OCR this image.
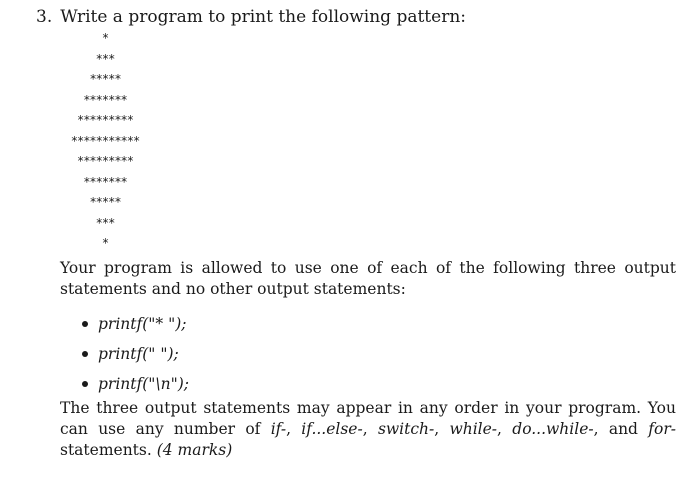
3. Write a program to print the following pattern:
*
***
*****
*******
*********
***********
*********
*******
*****
***
*

Your program is allowed to use one of each of the following three output statements and no other output statements:

printf("* ");
printf(" ");
printf("\n");

The three output statements may appear in any order in your program. You can use any number of if-, if...else-, switch-, while-, do...while-, and for- statements. (4 marks)
